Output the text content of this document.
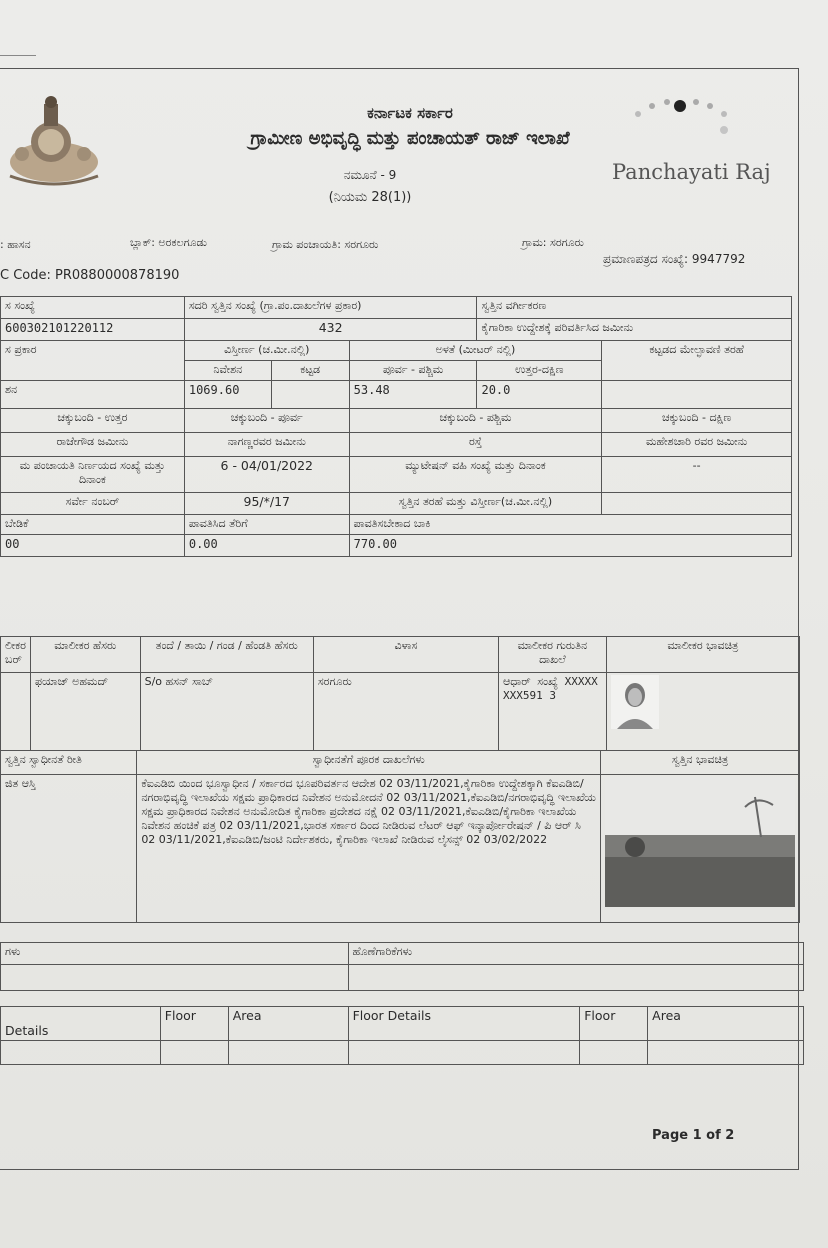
ಕರ್ನಾಟಕ ಸರ್ಕಾರ
ಗ್ರಾಮೀಣ ಅಭಿವೃದ್ಧಿ ಮತ್ತು ಪಂಚಾಯತ್ ರಾಜ್ ಇಲಾಖೆ
ನಮೂನೆ - 9
(ನಿಯಮ 28(1))
Panchayati Raj
: ಹಾಸನ	ಬ್ಲಾಕ್: ಅರಕಲಗೂಡು	ಗ್ರಾಮ ಪಂಚಾಯತಿ: ಸರಗೂರು	ಗ್ರಾಮ: ಸರಗೂರು
C Code: PR0880000878190
ಪ್ರಮಾಣಪತ್ರದ ಸಂಖ್ಯೆ: 9947792
ಸ ಸಂಖ್ಯೆ	ಸದರಿ ಸ್ವತ್ತಿನ ಸಂಖ್ಯೆ (ಗ್ರಾ.ಪಂ.ದಾಖಲೆಗಳ ಪ್ರಕಾರ)			ಸ್ವತ್ತಿನ ವರ್ಗೀಕರಣ	
600302101220112	432			ಕೈಗಾರಿಕಾ ಉದ್ದೇಶಕ್ಕೆ ಪರಿವರ್ತಿಸಿದ ಜಮೀನು	
ಸ ಪ್ರಕಾರ	ವಿಸ್ತೀರ್ಣ (ಚ.ಮೀ.ನಲ್ಲಿ)		ಅಳತೆ (ಮೀಟರ್ ನಲ್ಲಿ)		ಕಟ್ಟಡದ ಮೇಲ್ಛಾವಣಿ ತರಹೆ
	ನಿವೇಶನ	ಕಟ್ಟಡ	ಪೂರ್ವ - ಪಶ್ಚಿಮ	ಉತ್ತರ-ದಕ್ಷಿಣ	
ಶನ	1069.60		53.48	20.0	
ಚಕ್ಕುಬಂದಿ - ಉತ್ತರ	ಚಕ್ಕುಬಂದಿ - ಪೂರ್ವ		ಚಕ್ಕುಬಂದಿ - ಪಶ್ಚಿಮ		ಚಕ್ಕುಬಂದಿ - ದಕ್ಷಿಣ
ರಾಜೇಗೌಡ ಜಮೀನು	ನಾಗಣ್ಣರವರ ಜಮೀನು		ರಸ್ತೆ		ಮಹೇಶಚಾರಿ ರವರ ಜಮೀನು
ಮ ಪಂಚಾಯತಿ ನಿರ್ಣಯದ ಸಂಖ್ಯೆ ಮತ್ತು ದಿನಾಂಕ	6 - 04/01/2022		ಮ್ಯುಟೇಷನ್ ವಹಿ ಸಂಖ್ಯೆ ಮತ್ತು ದಿನಾಂಕ		--
ಸರ್ವೇ ನಂಬರ್	95/*/17		ಸ್ವತ್ತಿನ ತರಹೆ ಮತ್ತು ವಿಸ್ತೀರ್ಣ(ಚ.ಮೀ.ನಲ್ಲಿ)		
ಬೇಡಿಕೆ	ಪಾವತಿಸಿದ ತೆರಿಗೆ		ಪಾವತಿಸಬೇಕಾದ ಬಾಕಿ		
00	0.00		770.00		
ಲೀಕರ ಬರ್	ಮಾಲೀಕರ ಹೆಸರು	ತಂದೆ / ತಾಯಿ / ಗಂಡ / ಹೆಂಡತಿ ಹೆಸರು	ವಿಳಾಸ	ಮಾಲೀಕರ ಗುರುತಿನ ದಾಖಲೆ	ಮಾಲೀಕರ ಭಾವಚಿತ್ರ
	ಫಯಾಜ್ ಅಹಮದ್	S/o ಹಸನ್ ಸಾಬ್	ಸರಗೂರು	ಆಧಾರ್ ಸಂಖ್ಯೆ XXXXXXXX591 3	
ಸ್ವತ್ತಿನ ಸ್ವಾಧೀನತೆ ರೀತಿ	ಸ್ವಾಧೀನತೆಗೆ ಪೂರಕ ದಾಖಲೆಗಳು	ಸ್ವತ್ತಿನ ಭಾವಚಿತ್ರ
ಜಿತ ಆಸ್ತಿ	ಕೆಐಎಡಿಬಿ ಯಿಂದ ಭೂಸ್ವಾಧೀನ / ಸರ್ಕಾರದ ಭೂಪರಿವರ್ತನ ಆದೇಶ 02 03/11/2021,ಕೈಗಾರಿಕಾ ಉದ್ದೇಶಕ್ಕಾಗಿ ಕೆಐಎಡಿಬಿ/ನಗರಾಭಿವೃದ್ಧಿ ಇಲಾಖೆಯ ಸಕ್ಷಮ ಪ್ರಾಧಿಕಾರದ ನಿವೇಶನ ಅನುಮೋದನೆ 02 03/11/2021,ಕೆಐಎಡಿಬಿ/ನಗರಾಭಿವೃದ್ಧಿ ಇಲಾಖೆಯ ಸಕ್ಷಮ ಪ್ರಾಧಿಕಾರದ ನಿವೇಶನ ಅನುಮೋದಿತ ಕೈಗಾರಿಕಾ ಪ್ರದೇಶದ ನಕ್ಷೆ 02 03/11/2021,ಕೆಐಎಡಿಬಿ/ಕೈಗಾರಿಕಾ ಇಲಾಖೆಯ ನಿವೇಶನ ಹಂಚಿಕೆ ಪತ್ರ 02 03/11/2021,ಭಾರತ ಸರ್ಕಾರ ದಿಂದ ನೀಡಿರುವ ಲೆಟರ್ ಆಫ್ ಇನ್ಕಾರ್ಪೋರೇಷನ್ / ಪಿ ಆರ್ ಸಿ 02 03/11/2021,ಕೆಐಎಡಿಬಿ/ಜಂಟಿ ನಿರ್ದೇಶಕರು, ಕೈಗಾರಿಕಾ ಇಲಾಖೆ ನೀಡಿರುವ ಲೈಸನ್ಸ್ 02 03/02/2022	
ಗಳು	ಹೊಣೆಗಾರಿಕೆಗಳು

Details	Floor	Area	Floor Details	Floor	Area

Page 1 of 2
